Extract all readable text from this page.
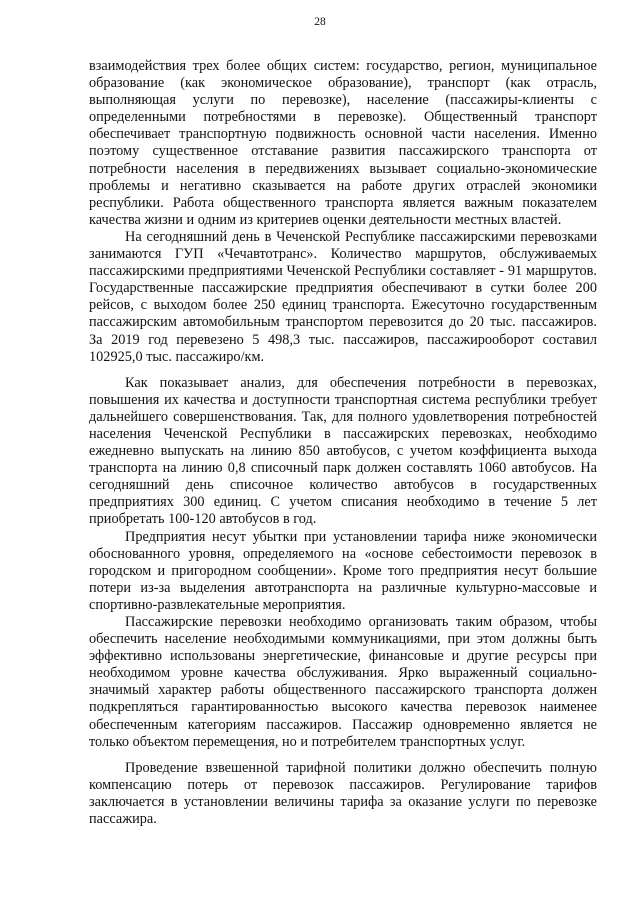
28

взаимодействия трех более общих систем: государство, регион, муниципальное образование (как экономическое образование), транспорт (как отрасль, выполняющая услуги по перевозке), население (пассажиры-клиенты с определенными потребностями в перевозке). Общественный транспорт обеспечивает транспортную подвижность основной части населения. Именно поэтому существенное отставание развития пассажирского транспорта от потребности населения в передвижениях вызывает социально-экономические проблемы и негативно сказывается на работе других отраслей экономики республики. Работа общественного транспорта является важным показателем качества жизни и одним из критериев оценки деятельности местных властей.

На сегодняшний день в Чеченской Республике пассажирскими перевозками занимаются ГУП «Чечавтотранс». Количество маршрутов, обслуживаемых пассажирскими предприятиями Чеченской Республики составляет - 91 маршрутов. Государственные пассажирские предприятия обеспечивают в сутки более 200 рейсов, с выходом более 250 единиц транспорта. Ежесуточно государственным пассажирским автомобильным транспортом перевозится до 20 тыс. пассажиров. За 2019 год перевезено 5 498,3 тыс. пассажиров, пассажирооборот составил 102925,0 тыс. пассажиро/км.

Как показывает анализ, для обеспечения потребности в перевозках, повышения их качества и доступности транспортная система республики требует дальнейшего совершенствования. Так, для полного удовлетворения потребностей населения Чеченской Республики в пассажирских перевозках, необходимо ежедневно выпускать на линию 850 автобусов, с учетом коэффициента выхода транспорта на линию 0,8 списочный парк должен составлять 1060 автобусов. На сегодняшний день списочное количество автобусов в государственных предприятиях 300 единиц. С учетом списания необходимо в течение 5 лет приобретать 100-120 автобусов в год.

Предприятия несут убытки при установлении тарифа ниже экономически обоснованного уровня, определяемого на «основе себестоимости перевозок в городском и пригородном сообщении». Кроме того предприятия несут большие потери из-за выделения автотранспорта на различные культурно-массовые и спортивно-развлекательные мероприятия.

Пассажирские перевозки необходимо организовать таким образом, чтобы обеспечить население необходимыми коммуникациями, при этом должны быть эффективно использованы энергетические, финансовые и другие ресурсы при необходимом уровне качества обслуживания. Ярко выраженный социально-значимый характер работы общественного пассажирского транспорта должен подкрепляться гарантированностью высокого качества перевозок наименее обеспеченным категориям пассажиров. Пассажир одновременно является не только объектом перемещения, но и потребителем транспортных услуг.

Проведение взвешенной тарифной политики должно обеспечить полную компенсацию потерь от перевозок пассажиров. Регулирование тарифов заключается в установлении величины тарифа за оказание услуги по перевозке пассажира.
